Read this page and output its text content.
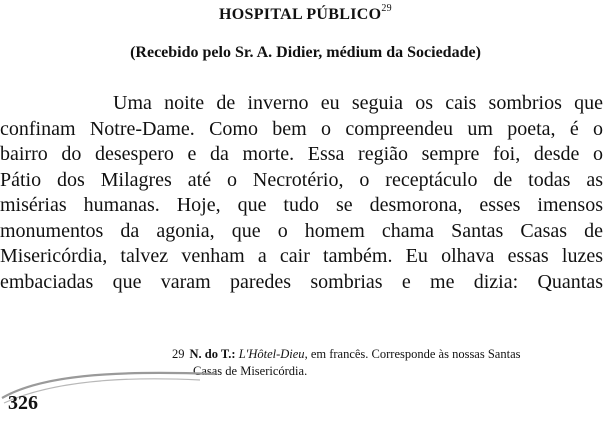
HOSPITAL PÚBLICO$^{29}$
(Recebido pelo Sr. A. Didier, médium da Sociedade)
Uma noite de inverno eu seguia os cais sombrios que
confinam Notre-Dame. Como bem o compreendeu um poeta, é o
bairro do desespero e da morte. Essa região sempre foi, desde o
Pátio dos Milagres até o Necrotério, o receptáculo de todas as
misérias humanas. Hoje, que tudo se desmorona, esses imensos
monumentos da agonia, que o homem chama Santas Casas de
Misericórdia, talvez venham a cair também. Eu olhava essas luzes
embaciadas que varam paredes sombrias e me dizia: Quantas
29 N. do T.: L'Hôtel-Dieu, em francês. Corresponde às nossas Santas
Casas de Misericórdia.
326
